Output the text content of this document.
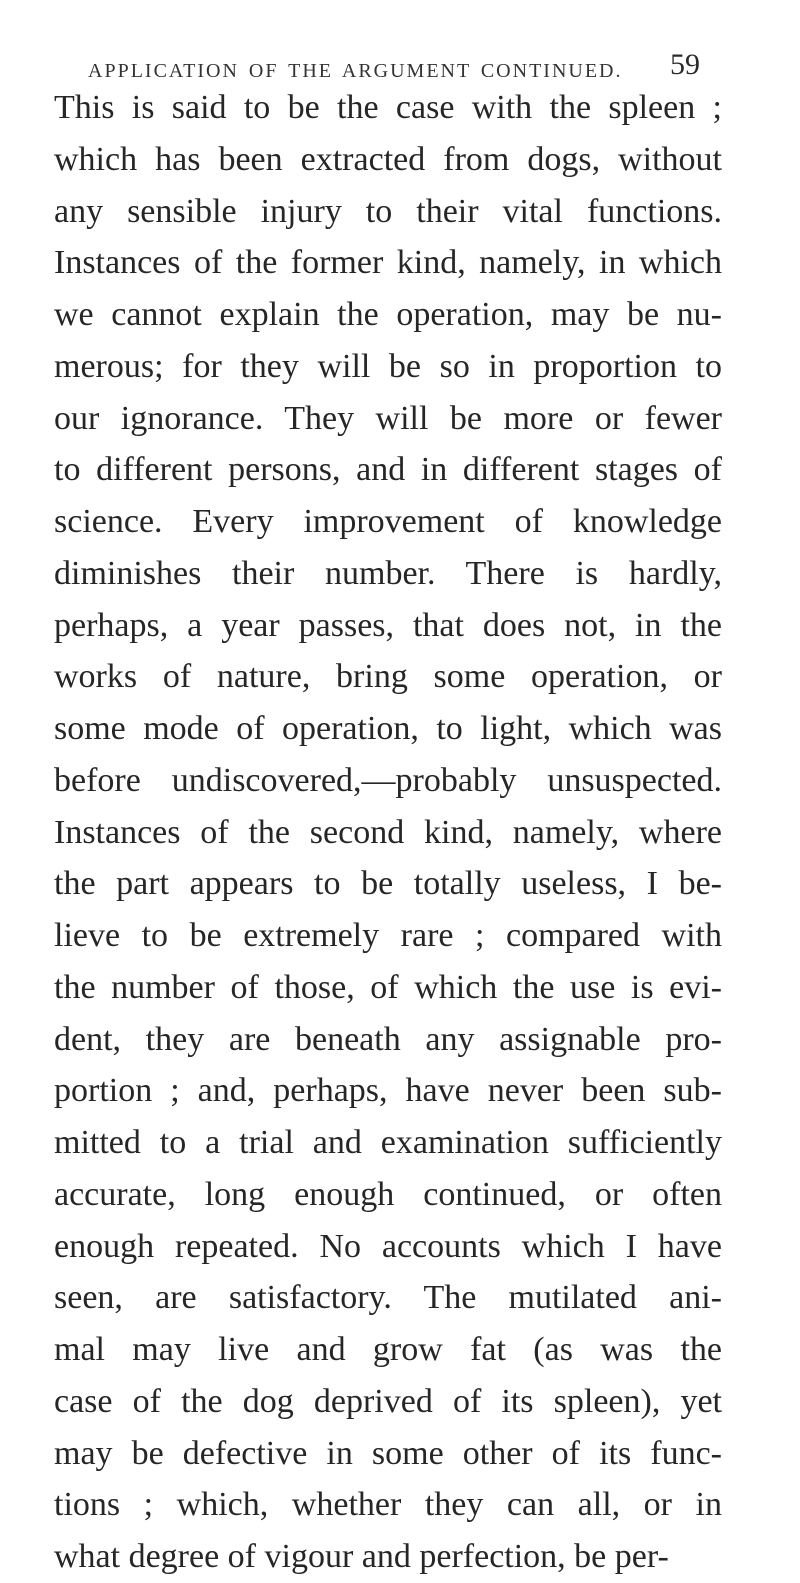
APPLICATION OF THE ARGUMENT CONTINUED. 59
This is said to be the case with the spleen ;
which has been extracted from dogs, without
any sensible injury to their vital functions.
Instances of the former kind, namely, in which
we cannot explain the operation, may be nu-
merous; for they will be so in proportion to
our ignorance. They will be more or fewer
to different persons, and in different stages of
science. Every improvement of knowledge
diminishes their number. There is hardly,
perhaps, a year passes, that does not, in the
works of nature, bring some operation, or
some mode of operation, to light, which was
before undiscovered,—probably unsuspected.
Instances of the second kind, namely, where
the part appears to be totally useless, I be-
lieve to be extremely rare ; compared with
the number of those, of which the use is evi-
dent, they are beneath any assignable pro-
portion ; and, perhaps, have never been sub-
mitted to a trial and examination sufficiently
accurate, long enough continued, or often
enough repeated. No accounts which I have
seen, are satisfactory. The mutilated ani-
mal may live and grow fat (as was the
case of the dog deprived of its spleen), yet
may be defective in some other of its func-
tions ; which, whether they can all, or in
what degree of vigour and perfection, be per-
